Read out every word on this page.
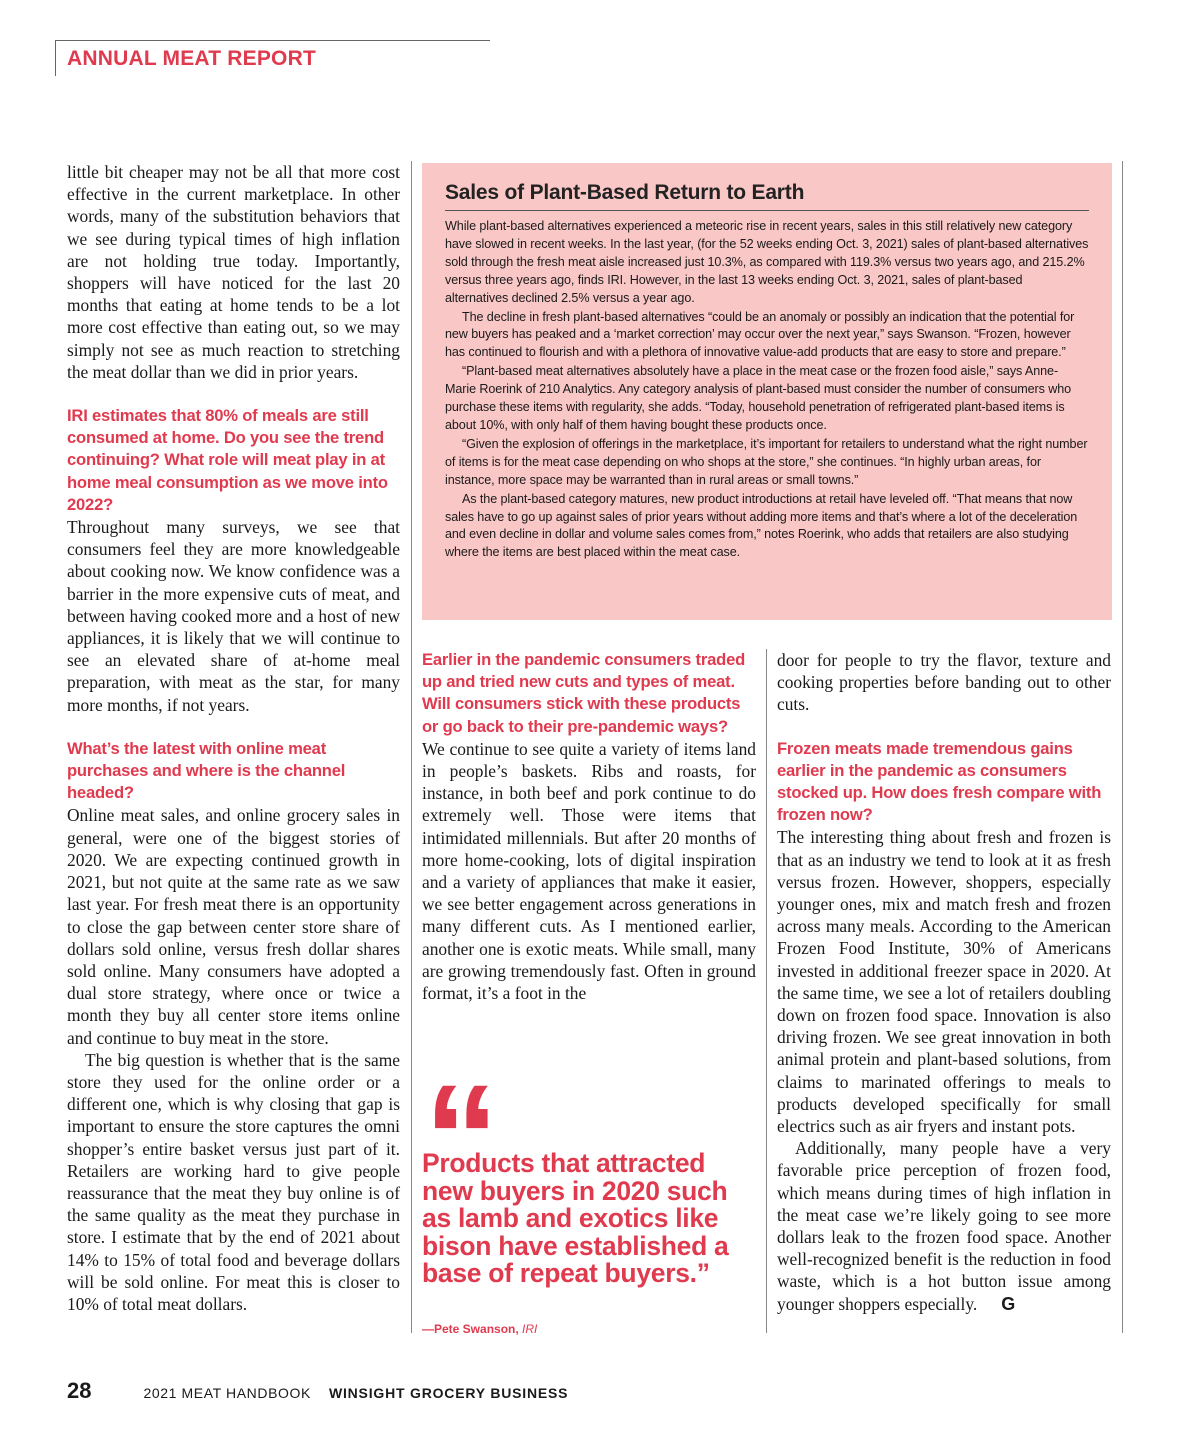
ANNUAL MEAT REPORT

little bit cheaper may not be all that more cost effective in the current marketplace. In other words, many of the substitution behaviors that we see during typical times of high inflation are not holding true today. Importantly, shoppers will have noticed for the last 20 months that eating at home tends to be a lot more cost effective than eating out, so we may simply not see as much reaction to stretching the meat dollar than we did in prior years.

IRI estimates that 80% of meals are still consumed at home. Do you see the trend continuing? What role will meat play in at home meal consumption as we move into 2022?

Throughout many surveys, we see that consumers feel they are more knowledgeable about cooking now. We know confidence was a barrier in the more expensive cuts of meat, and between having cooked more and a host of new appliances, it is likely that we will continue to see an elevated share of at-home meal preparation, with meat as the star, for many more months, if not years.

What’s the latest with online meat purchases and where is the channel headed?

Online meat sales, and online grocery sales in general, were one of the biggest stories of 2020. We are expecting continued growth in 2021, but not quite at the same rate as we saw last year. For fresh meat there is an opportunity to close the gap between center store share of dollars sold online, versus fresh dollar shares sold online. Many consumers have adopted a dual store strategy, where once or twice a month they buy all center store items online and continue to buy meat in the store.

The big question is whether that is the same store they used for the online order or a different one, which is why closing that gap is important to ensure the store captures the omni shopper’s entire basket versus just part of it. Retailers are working hard to give people reassurance that the meat they buy online is of the same quality as the meat they purchase in store. I estimate that by the end of 2021 about 14% to 15% of total food and beverage dollars will be sold online. For meat this is closer to 10% of total meat dollars.

Sales of Plant-Based Return to Earth

While plant-based alternatives experienced a meteoric rise in recent years, sales in this still relatively new category have slowed in recent weeks. In the last year, (for the 52 weeks ending Oct. 3, 2021) sales of plant-based alternatives sold through the fresh meat aisle increased just 10.3%, as compared with 119.3% versus two years ago, and 215.2% versus three years ago, finds IRI. However, in the last 13 weeks ending Oct. 3, 2021, sales of plant-based alternatives declined 2.5% versus a year ago.

The decline in fresh plant-based alternatives “could be an anomaly or possibly an indication that the potential for new buyers has peaked and a ‘market correction’ may occur over the next year,” says Swanson. “Frozen, however has continued to flourish and with a plethora of innovative value-add products that are easy to store and prepare.”

“Plant-based meat alternatives absolutely have a place in the meat case or the frozen food aisle,” says Anne-Marie Roerink of 210 Analytics. Any category analysis of plant-based must consider the number of consumers who purchase these items with regularity, she adds. “Today, household penetration of refrigerated plant-based items is about 10%, with only half of them having bought these products once.

“Given the explosion of offerings in the marketplace, it’s important for retailers to understand what the right number of items is for the meat case depending on who shops at the store,” she continues. “In highly urban areas, for instance, more space may be warranted than in rural areas or small towns.”

As the plant-based category matures, new product introductions at retail have leveled off. “That means that now sales have to go up against sales of prior years without adding more items and that’s where a lot of the deceleration and even decline in dollar and volume sales comes from,” notes Roerink, who adds that retailers are also studying where the items are best placed within the meat case.

Earlier in the pandemic consumers traded up and tried new cuts and types of meat. Will consumers stick with these products or go back to their pre-pandemic ways?

We continue to see quite a variety of items land in people’s baskets. Ribs and roasts, for instance, in both beef and pork continue to do extremely well. Those were items that intimidated millennials. But after 20 months of more home-cooking, lots of digital inspiration and a variety of appliances that make it easier, we see better engagement across generations in many different cuts. As I mentioned earlier, another one is exotic meats. While small, many are growing tremendously fast. Often in ground format, it’s a foot in the

“
Products that attracted new buyers in 2020 such as lamb and exotics like bison have established a base of repeat buyers.”
—Pete Swanson, IRI

door for people to try the flavor, texture and cooking properties before banding out to other cuts.

Frozen meats made tremendous gains earlier in the pandemic as consumers stocked up. How does fresh compare with frozen now?

The interesting thing about fresh and frozen is that as an industry we tend to look at it as fresh versus frozen. However, shoppers, especially younger ones, mix and match fresh and frozen across many meals. According to the American Frozen Food Institute, 30% of Americans invested in additional freezer space in 2020. At the same time, we see a lot of retailers doubling down on frozen food space. Innovation is also driving frozen. We see great innovation in both animal protein and plant-based solutions, from claims to marinated offerings to meals to products developed specifically for small electrics such as air fryers and instant pots.

Additionally, many people have a very favorable price perception of frozen food, which means during times of high inflation in the meat case we’re likely going to see more dollars leak to the frozen food space. Another well-recognized benefit is the reduction in food waste, which is a hot button issue among younger shoppers especially. G

28	2021 MEAT HANDBOOK WINSIGHT GROCERY BUSINESS
